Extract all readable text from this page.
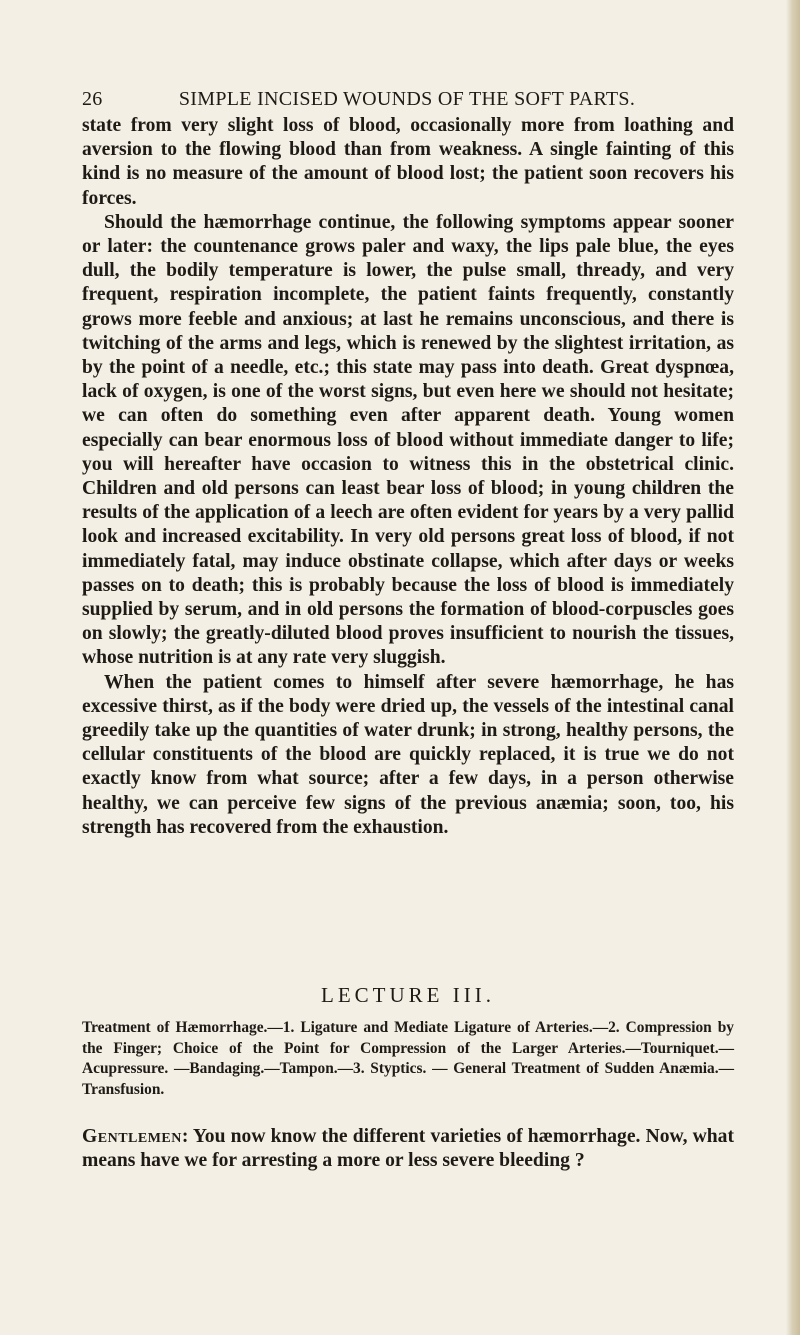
26	SIMPLE INCISED WOUNDS OF THE SOFT PARTS.

state from very slight loss of blood, occasionally more from loathing and aversion to the flowing blood than from weakness. A single fainting of this kind is no measure of the amount of blood lost; the patient soon recovers his forces.

Should the hæmorrhage continue, the following symptoms appear sooner or later: the countenance grows paler and waxy, the lips pale blue, the eyes dull, the bodily temperature is lower, the pulse small, thready, and very frequent, respiration incomplete, the patient faints frequently, constantly grows more feeble and anxious; at last he remains unconscious, and there is twitching of the arms and legs, which is renewed by the slightest irritation, as by the point of a needle, etc.; this state may pass into death. Great dyspnœa, lack of oxygen, is one of the worst signs, but even here we should not hesitate; we can often do something even after apparent death. Young women especially can bear enormous loss of blood without immediate danger to life; you will hereafter have occasion to witness this in the obstetrical clinic. Children and old persons can least bear loss of blood; in young children the results of the application of a leech are often evident for years by a very pallid look and increased excitability. In very old persons great loss of blood, if not immediately fatal, may induce obstinate collapse, which after days or weeks passes on to death; this is probably because the loss of blood is immediately supplied by serum, and in old persons the formation of blood-corpuscles goes on slowly; the greatly-diluted blood proves insufficient to nourish the tissues, whose nutrition is at any rate very sluggish.

When the patient comes to himself after severe hæmorrhage, he has excessive thirst, as if the body were dried up, the vessels of the intestinal canal greedily take up the quantities of water drunk; in strong, healthy persons, the cellular constituents of the blood are quickly replaced, it is true we do not exactly know from what source; after a few days, in a person otherwise healthy, we can perceive few signs of the previous anæmia; soon, too, his strength has recovered from the exhaustion.

LECTURE III.
Treatment of Hæmorrhage.—1. Ligature and Mediate Ligature of Arteries.—2. Compression by the Finger; Choice of the Point for Compression of the Larger Arteries.—Tourniquet.—Acupressure. —Bandaging.—Tampon.—3. Styptics. — General Treatment of Sudden Anæmia.—Transfusion.
Gentlemen: You now know the different varieties of hæmorrhage. Now, what means have we for arresting a more or less severe bleeding ?
